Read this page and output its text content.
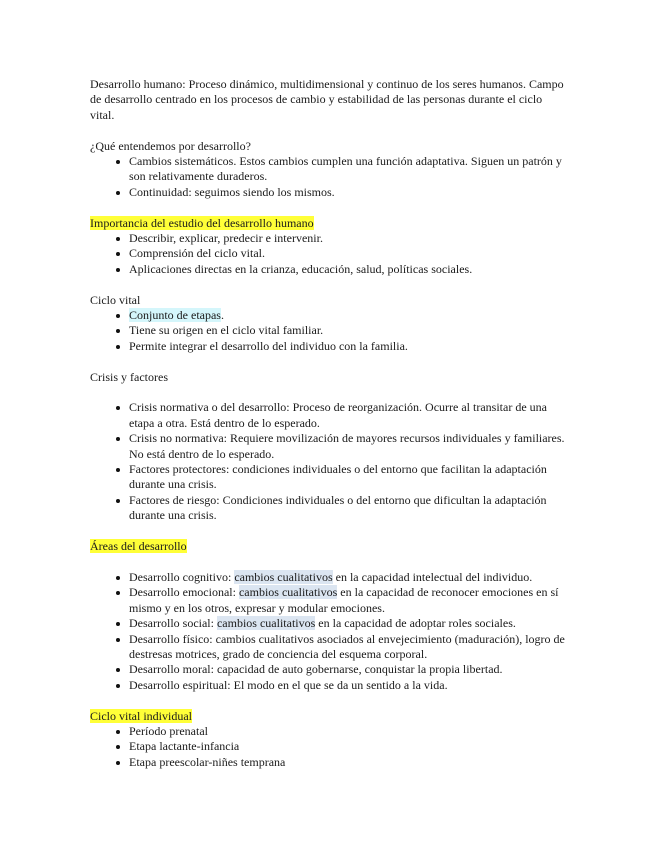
Desarrollo humano: Proceso dinámico, multidimensional y continuo de los seres humanos. Campo de desarrollo centrado en los procesos de cambio y estabilidad de las personas durante el ciclo vital.

¿Qué entendemos por desarrollo?

Cambios sistemáticos. Estos cambios cumplen una función adaptativa. Siguen un patrón y son relativamente duraderos.
Continuidad: seguimos siendo los mismos.

Importancia del estudio del desarrollo humano

Describir, explicar, predecir e intervenir.
Comprensión del ciclo vital.
Aplicaciones directas en la crianza, educación, salud, políticas sociales.

Ciclo vital

Conjunto de etapas.
Tiene su origen en el ciclo vital familiar.
Permite integrar el desarrollo del individuo con la familia.

Crisis y factores

Crisis normativa o del desarrollo: Proceso de reorganización. Ocurre al transitar de una etapa a otra. Está dentro de lo esperado.
Crisis no normativa: Requiere movilización de mayores recursos individuales y familiares. No está dentro de lo esperado.
Factores protectores: condiciones individuales o del entorno que facilitan la adaptación durante una crisis.
Factores de riesgo: Condiciones individuales o del entorno que dificultan la adaptación durante una crisis.

Áreas del desarrollo

Desarrollo cognitivo: cambios cualitativos en la capacidad intelectual del individuo.
Desarrollo emocional: cambios cualitativos en la capacidad de reconocer emociones en sí mismo y en los otros, expresar y modular emociones.
Desarrollo social: cambios cualitativos en la capacidad de adoptar roles sociales.
Desarrollo físico: cambios cualitativos asociados al envejecimiento (maduración), logro de destresas motrices, grado de conciencia del esquema corporal.
Desarrollo moral: capacidad de auto gobernarse, conquistar la propia libertad.
Desarrollo espiritual: El modo en el que se da un sentido a la vida.

Ciclo vital individual

Período prenatal
Etapa lactante-infancia
Etapa preescolar-niñes temprana
